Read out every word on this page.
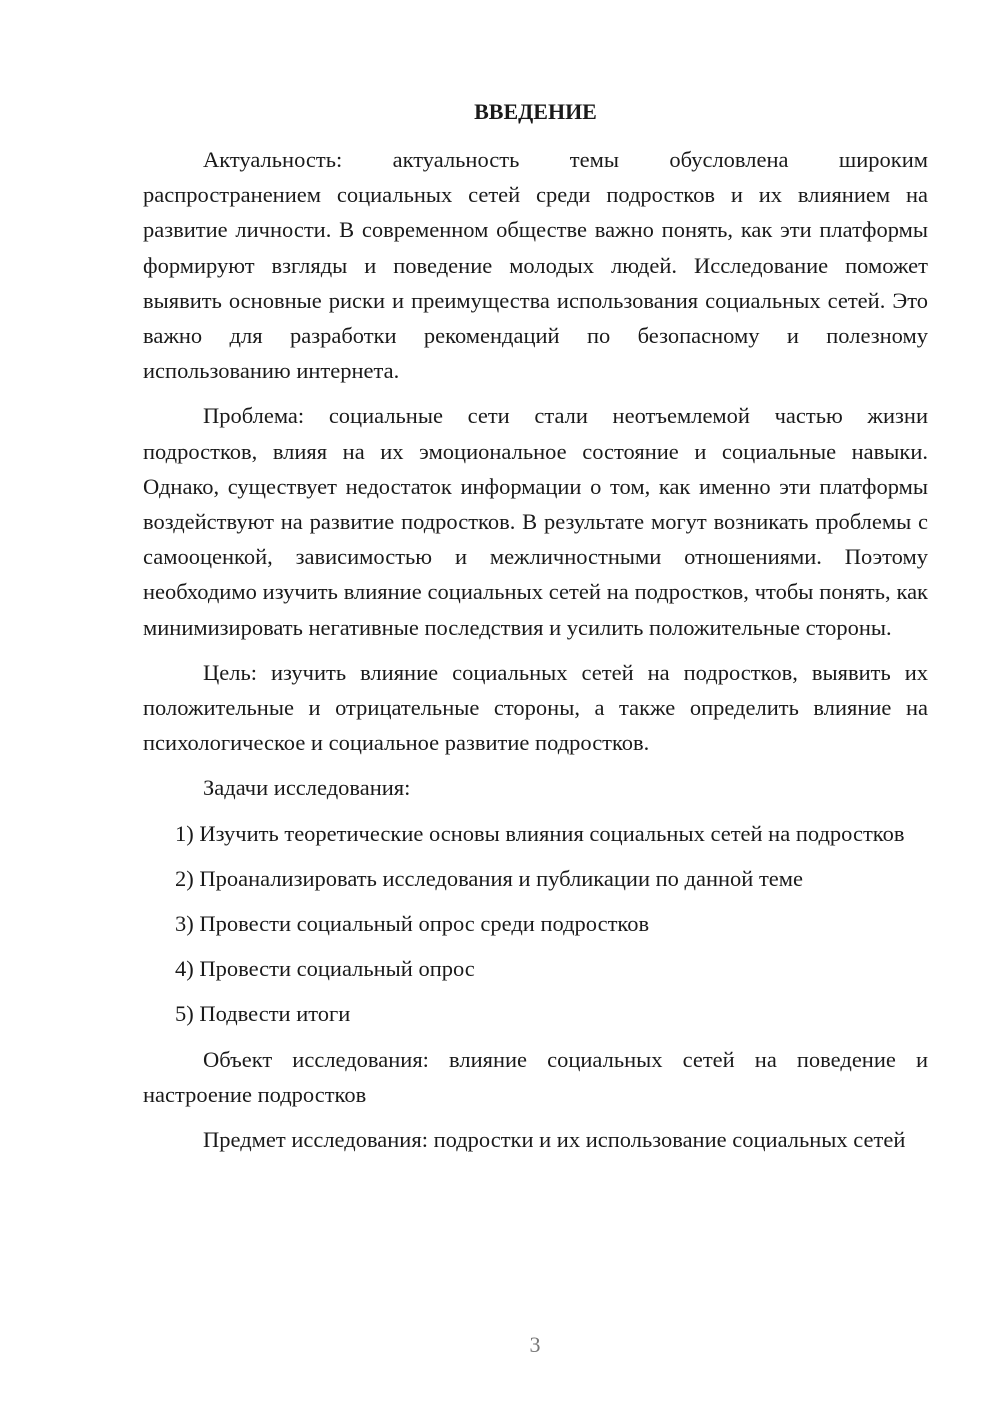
ВВЕДЕНИЕ

Актуальность: актуальность темы обусловлена широким распространением социальных сетей среди подростков и их влиянием на развитие личности. В современном обществе важно понять, как эти платформы формируют взгляды и поведение молодых людей. Исследование поможет выявить основные риски и преимущества использования социальных сетей. Это важно для разработки рекомендаций по безопасному и полезному использованию интернета.

Проблема: социальные сети стали неотъемлемой частью жизни подростков, влияя на их эмоциональное состояние и социальные навыки. Однако, существует недостаток информации о том, как именно эти платформы воздействуют на развитие подростков. В результате могут возникать проблемы с самооценкой, зависимостью и межличностными отношениями. Поэтому необходимо изучить влияние социальных сетей на подростков, чтобы понять, как минимизировать негативные последствия и усилить положительные стороны.

Цель: изучить влияние социальных сетей на подростков, выявить их положительные и отрицательные стороны, а также определить влияние на психологическое и социальное развитие подростков.

Задачи исследования:

1) Изучить теоретические основы влияния социальных сетей на подростков

2) Проанализировать исследования и публикации по данной теме

3) Провести социальный опрос среди подростков

4) Провести социальный опрос

5) Подвести итоги

Объект исследования: влияние социальных сетей на поведение и настроение подростков

Предмет исследования: подростки и их использование социальных сетей

3
